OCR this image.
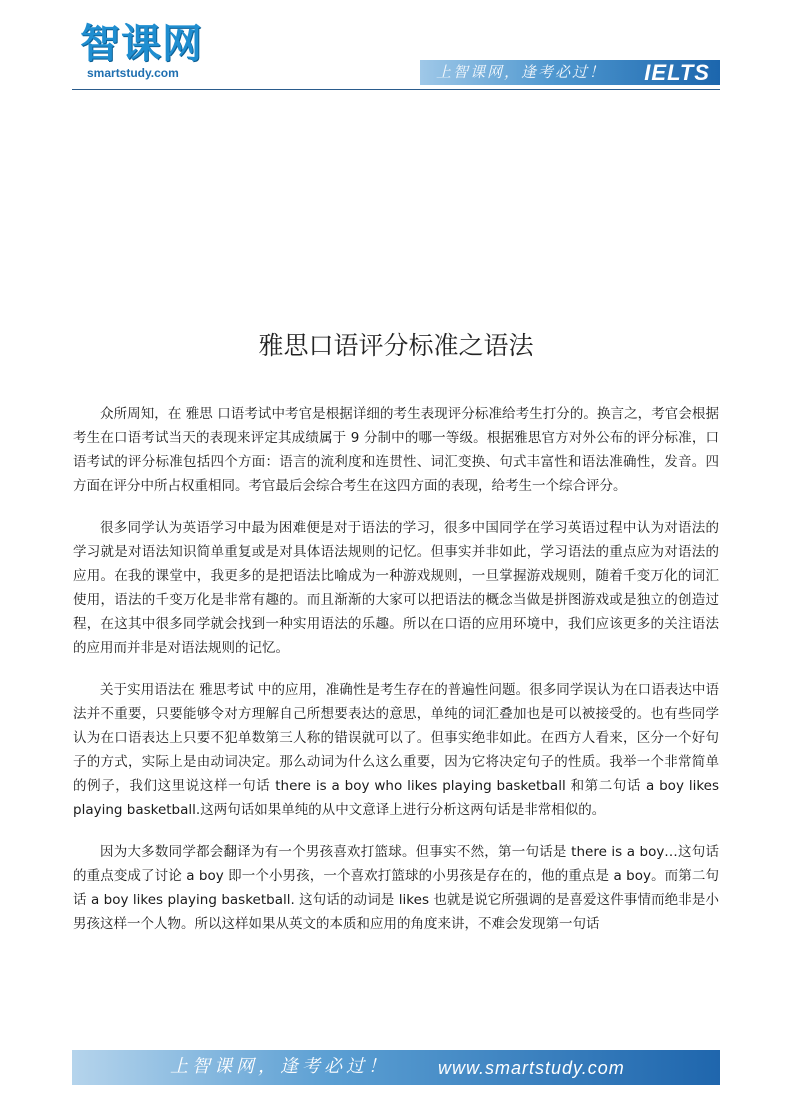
智课网
smartstudy.com	上智课网，逢考必过！ IELTS
雅思口语评分标准之语法

众所周知，在 雅思 口语考试中考官是根据详细的考生表现评分标准给考生打分的。换言之，考官会根据考生在口语考试当天的表现来评定其成绩属于 9 分制中的哪一等级。根据雅思官方对外公布的评分标准，口语考试的评分标准包括四个方面：语言的流利度和连贯性、词汇变换、句式丰富性和语法准确性，发音。四方面在评分中所占权重相同。考官最后会综合考生在这四方面的表现，给考生一个综合评分。

很多同学认为英语学习中最为困难便是对于语法的学习，很多中国同学在学习英语过程中认为对语法的学习就是对语法知识简单重复或是对具体语法规则的记忆。但事实并非如此，学习语法的重点应为对语法的应用。在我的课堂中，我更多的是把语法比喻成为一种游戏规则，一旦掌握游戏规则，随着千变万化的词汇使用，语法的千变万化是非常有趣的。而且渐渐的大家可以把语法的概念当做是拼图游戏或是独立的创造过程，在这其中很多同学就会找到一种实用语法的乐趣。所以在口语的应用环境中，我们应该更多的关注语法的应用而并非是对语法规则的记忆。

关于实用语法在 雅思考试 中的应用，准确性是考生存在的普遍性问题。很多同学误认为在口语表达中语法并不重要，只要能够令对方理解自己所想要表达的意思，单纯的词汇叠加也是可以被接受的。也有些同学认为在口语表达上只要不犯单数第三人称的错误就可以了。但事实绝非如此。在西方人看来，区分一个好句子的方式，实际上是由动词决定。那么动词为什么这么重要，因为它将决定句子的性质。我举一个非常简单的例子，我们这里说这样一句话 there is a boy who likes playing basketball 和第二句话 a boy likes playing basketball.这两句话如果单纯的从中文意译上进行分析这两句话是非常相似的。

因为大多数同学都会翻译为有一个男孩喜欢打篮球。但事实不然，第一句话是 there is a boy…这句话的重点变成了讨论 a boy 即一个小男孩，一个喜欢打篮球的小男孩是存在的，他的重点是 a boy。而第二句话 a boy likes playing basketball. 这句话的动词是 likes 也就是说它所强调的是喜爱这件事情而绝非是小男孩这样一个人物。所以这样如果从英文的本质和应用的角度来讲，不难会发现第一句话

上智课网，逢考必过！	www.smartstudy.com
